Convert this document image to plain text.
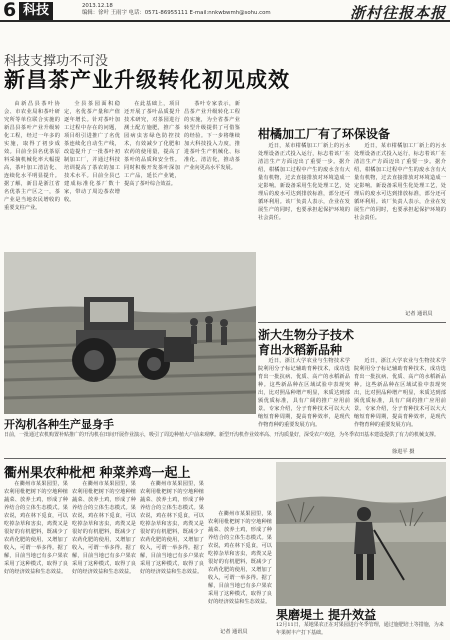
6 科技	2013.12.18
编辑：徐叶 王雨宇 电话：0571-86955111 E-mail:nnkwbwmh@sohu.com	浙村往报本报
科技支撑功不可没
新昌茶产业升级转化初见成效

由新昌县茶叶协会、市农业局和茶叶研究所等单位联合实施的新昌县茶叶产业升级转化工程，经过一年多的实施，取得了初步成效。目前全县名优茶原料采摘机械化率大幅提高，茶叶加工清洁化、连续化水平明显提升。据了解，新昌是浙江省名优茶主产区之一，茶产业是当地农民增收的重要支柱产业。

全县茶园面积稳定，名优茶产量和产值逐年增长。针对茶叶加工过程中存在的问题，项目组引进推广了名优茶连续化自动生产线，改造提升了一批茶叶初制加工厂，并通过科技培训提高了茶农的加工技术水平。目前全县已建成标准化茶厂数十家，带动了周边茶农增收。

在此基础上，项目还开展了茶叶品质提升技术研究，对茶园进行测土配方施肥，推广茶园病虫害绿色防控技术，有效减少了化肥和农药的使用量，提高了茶叶的品质和安全性。同时积极开发茶叶深加工产品，延长产业链，提高了茶叶综合效益。

茶叶专家表示，新昌茶产业升级转化工程的实施，为全省茶产业转型升级提供了可借鉴的经验。下一步将继续加大科技投入力度，推进茶叶生产机械化、标准化、清洁化，推动茶产业向更高水平发展。

开沟机各种生产显身手
日前，一批通过农机购置补贴推广的开沟机在田间开展作业演示，吸引了周边种植大户前来观摩。新型开沟机作业效率高、开沟质量好，深受农户欢迎，为冬季农田基本建设提供了有力的机械支撑。
徐进平 摄
柑橘加工厂有了环保设备

近日，某市柑橘加工厂新上的污水处理设备正式投入运行，标志着该厂在清洁生产方面迈出了重要一步。据介绍，柑橘加工过程中产生的废水含有大量有机物，过去直接排放对环境造成一定影响。新设备采用生化处理工艺，处理后的废水可达到排放标准，部分还可循环利用。该厂负责人表示，企业在发展生产的同时，也要承担起保护环境的社会责任。

近日，某市柑橘加工厂新上的污水处理设备正式投入运行，标志着该厂在清洁生产方面迈出了重要一步。据介绍，柑橘加工过程中产生的废水含有大量有机物，过去直接排放对环境造成一定影响。新设备采用生化处理工艺，处理后的废水可达到排放标准，部分还可循环利用。该厂负责人表示，企业在发展生产的同时，也要承担起保护环境的社会责任。

记者 通讯员
浙大生物分子技术
育出水稻新品种

近日，浙江大学农业与生物技术学院利用分子标记辅助育种技术，成功选育出一批抗病、优质、高产的水稻新品种。这些新品种在区域试验中表现突出，比对照品种增产明显，米质达到部颁优质标准，具有广阔的推广应用前景。专家介绍，分子育种技术可以大大缩短育种周期，提高育种效率，是现代作物育种的重要发展方向。

近日，浙江大学农业与生物技术学院利用分子标记辅助育种技术，成功选育出一批抗病、优质、高产的水稻新品种。这些新品种在区域试验中表现突出，比对照品种增产明显，米质达到部颁优质标准，具有广阔的推广应用前景。专家介绍，分子育种技术可以大大缩短育种周期，提高育种效率，是现代作物育种的重要发展方向。

衢州果农种枇杷 种菜养鸡一起上

在衢州市某果园里，果农利用枇杷树下的空地种植蔬菜、放养土鸡，形成了种养结合的立体生态模式。果农说，鸡在林下觅食，可以吃掉杂草和害虫，鸡粪又是很好的有机肥料，既减少了农药化肥的使用，又增加了收入，可谓一举多得。据了解，目前当地已有多户果农采用了这种模式，取得了良好的经济效益和生态效益。

在衢州市某果园里，果农利用枇杷树下的空地种植蔬菜、放养土鸡，形成了种养结合的立体生态模式。果农说，鸡在林下觅食，可以吃掉杂草和害虫，鸡粪又是很好的有机肥料，既减少了农药化肥的使用，又增加了收入，可谓一举多得。据了解，目前当地已有多户果农采用了这种模式，取得了良好的经济效益和生态效益。

在衢州市某果园里，果农利用枇杷树下的空地种植蔬菜、放养土鸡，形成了种养结合的立体生态模式。果农说，鸡在林下觅食，可以吃掉杂草和害虫，鸡粪又是很好的有机肥料，既减少了农药化肥的使用，又增加了收入，可谓一举多得。据了解，目前当地已有多户果农采用了这种模式，取得了良好的经济效益和生态效益。

在衢州市某果园里，果农利用枇杷树下的空地种植蔬菜、放养土鸡，形成了种养结合的立体生态模式。果农说，鸡在林下觅食，可以吃掉杂草和害虫，鸡粪又是很好的有机肥料，既减少了农药化肥的使用，又增加了收入，可谓一举多得。据了解，目前当地已有多户果农采用了这种模式，取得了良好的经济效益和生态效益。

记者 通讯员
果磨堤土 提升效益
12月11日，某地果农正在对果园进行冬季管理，通过施肥培土等措施，为来年果树丰产打下基础。
